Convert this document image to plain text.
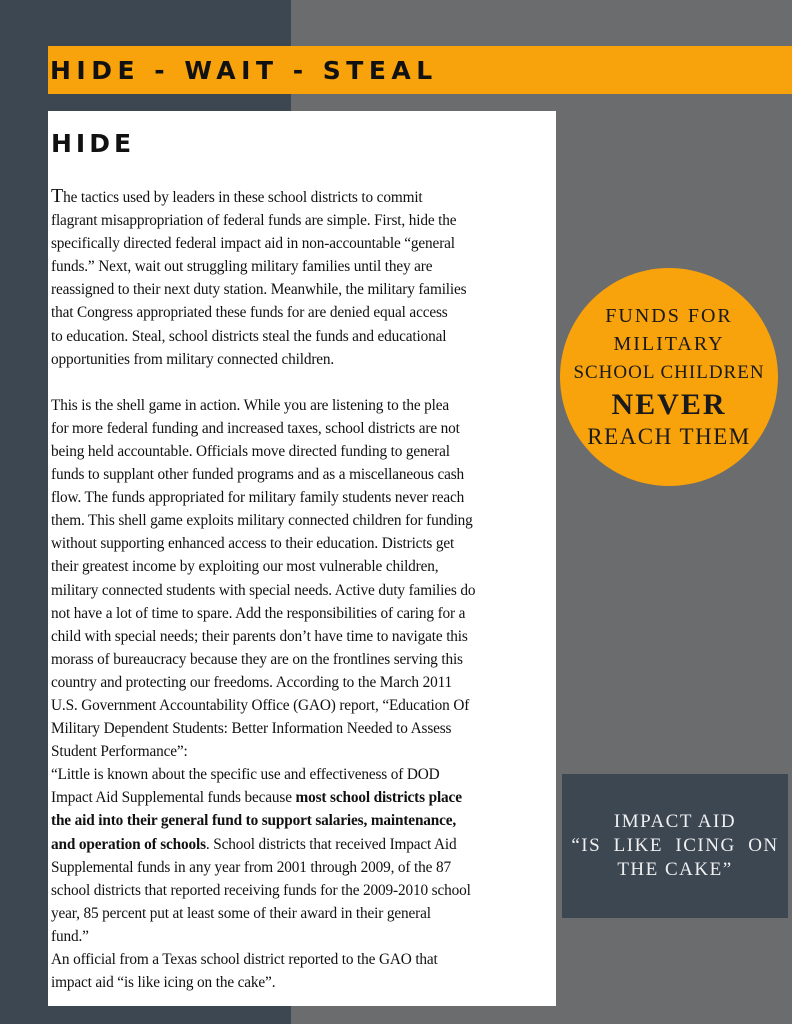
HIDE - WAIT - STEAL
HIDE
The tactics used by leaders in these school districts to commit
flagrant misappropriation of federal funds are simple. First, hide the
specifically directed federal impact aid in non-accountable “general
funds.” Next, wait out struggling military families until they are
reassigned to their next duty station. Meanwhile, the military families
that Congress appropriated these funds for are denied equal access
to education. Steal, school districts steal the funds and educational
opportunities from military connected children.
This is the shell game in action. While you are listening to the plea
for more federal funding and increased taxes, school districts are not
being held accountable. Officials move directed funding to general
funds to supplant other funded programs and as a miscellaneous cash
flow. The funds appropriated for military family students never reach
them. This shell game exploits military connected children for funding
without supporting enhanced access to their education. Districts get
their greatest income by exploiting our most vulnerable children,
military connected students with special needs. Active duty families do
not have a lot of time to spare. Add the responsibilities of caring for a
child with special needs; their parents don’t have time to navigate this
morass of bureaucracy because they are on the frontlines serving this
country and protecting our freedoms. According to the March 2011
U.S. Government Accountability Office (GAO) report, “Education Of
Military Dependent Students: Better Information Needed to Assess
Student Performance”:
“Little is known about the specific use and effectiveness of DOD
Impact Aid Supplemental funds because most school districts place
the aid into their general fund to support salaries, maintenance,
and operation of schools. School districts that received Impact Aid
Supplemental funds in any year from 2001 through 2009, of the 87
school districts that reported receiving funds for the 2009-2010 school
year, 85 percent put at least some of their award in their general
fund.”
An official from a Texas school district reported to the GAO that
impact aid “is like icing on the cake”.
FUNDS FOR
MILITARY
SCHOOL CHILDREN
NEVER
REACH THEM
IMPACT AID
“IS  LIKE  ICING  ON
THE CAKE”
